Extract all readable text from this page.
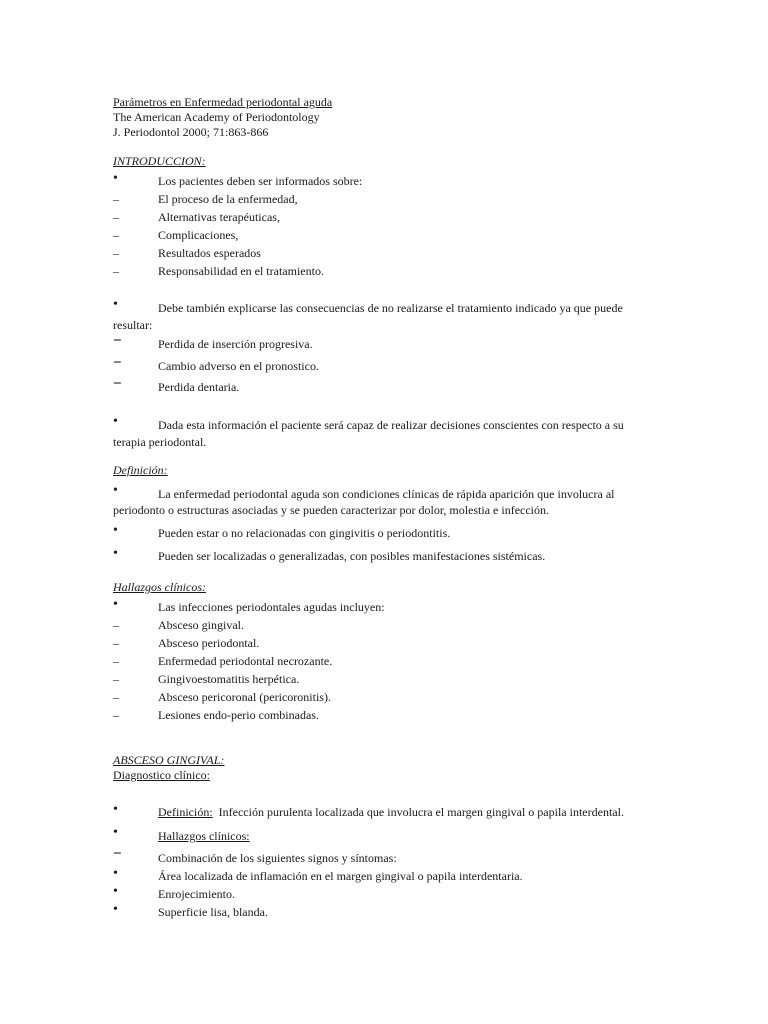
Parámetros en Enfermedad periodontal aguda
The American Academy of Periodontology
J. Periodontol 2000; 71:863-866
INTRODUCCION:
•	Los pacientes deben ser informados sobre:
–	El proceso de la enfermedad,
–	Alternativas terapéuticas,
–	Complicaciones,
–	Resultados esperados
–	Responsabilidad en el tratamiento.
•	Debe también explicarse las consecuencias de no realizarse el tratamiento indicado ya que puede
resultar:
−	Perdida de inserción progresiva.
−	Cambio adverso en el pronostico.
−	Perdida dentaria.
•	Dada esta información el paciente será capaz de realizar decisiones conscientes con respecto a su
terapia periodontal.
Definición:
•	La enfermedad periodontal aguda son condiciones clínicas de rápida aparición que involucra al
periodonto o estructuras asociadas y se pueden caracterizar por dolor, molestia e infección.
•	Pueden estar o no relacionadas con gingivitis o periodontitis.
•	Pueden ser localizadas o generalizadas, con posibles manifestaciones sistémicas.
Hallazgos clínicos:
•	Las infecciones periodontales agudas incluyen:
–	Absceso gingival.
–	Absceso periodontal.
–	Enfermedad periodontal necrozante.
–	Gingivoestomatitis herpética.
–	Absceso pericoronal (pericoronitis).
–	Lesiones endo-perio combinadas.
ABSCESO GINGIVAL:
Diagnostico clínico:
•	Definición: Infección purulenta localizada que involucra el margen gingival o papila interdental.
•	Hallazgos clínicos:
−	Combinación de los siguientes signos y síntomas:
•	Área localizada de inflamación en el margen gingival o papila interdentaria.
•	Enrojecimiento.
•	Superficie lisa, blanda.
